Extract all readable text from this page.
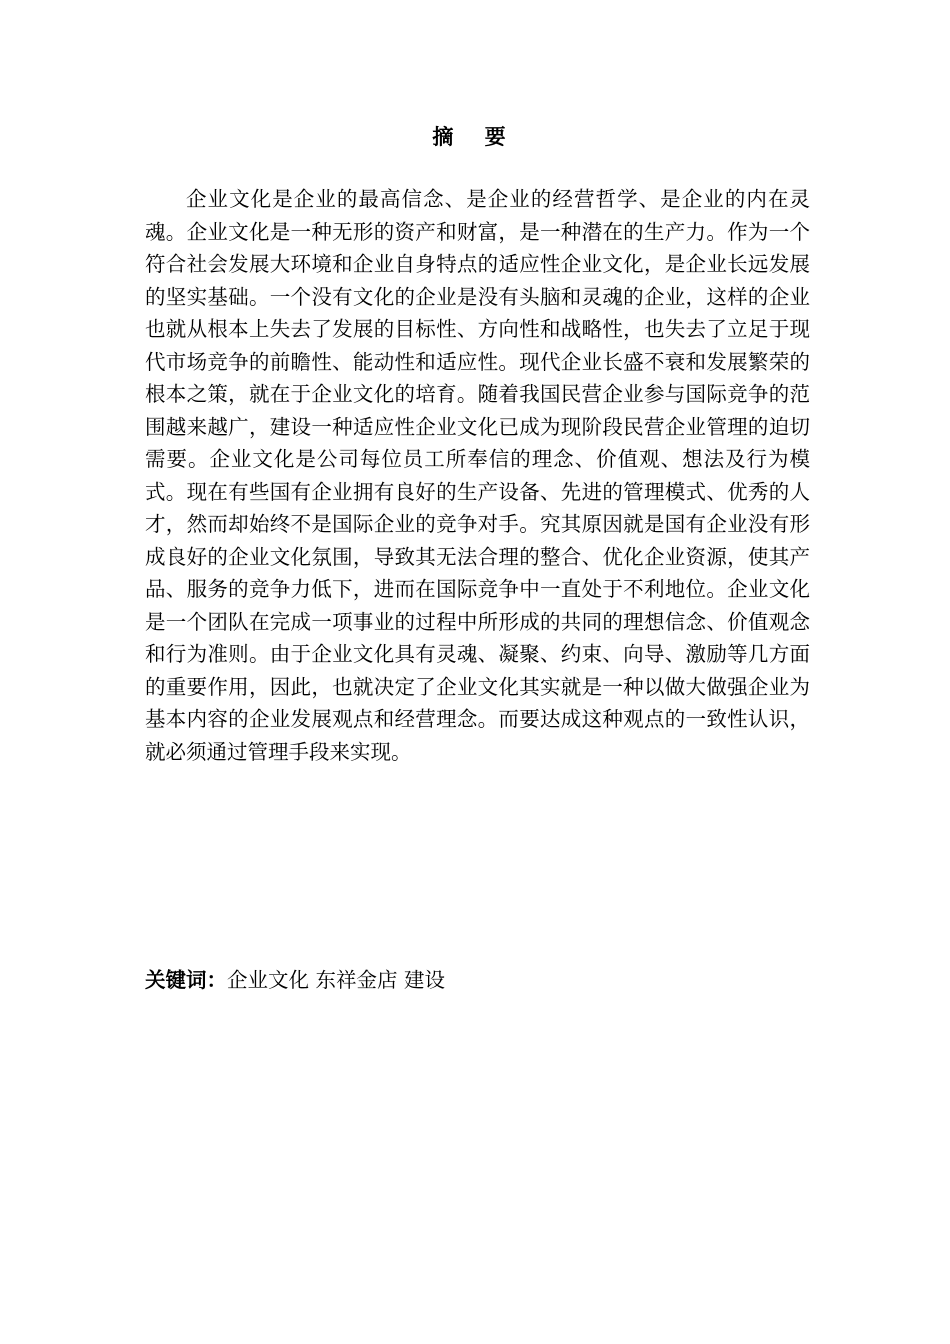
摘 要

企业文化是企业的最高信念、是企业的经营哲学、是企业的内在灵魂。企业文化是一种无形的资产和财富，是一种潜在的生产力。作为一个符合社会发展大环境和企业自身特点的适应性企业文化，是企业长远发展的坚实基础。一个没有文化的企业是没有头脑和灵魂的企业，这样的企业也就从根本上失去了发展的目标性、方向性和战略性，也失去了立足于现代市场竞争的前瞻性、能动性和适应性。现代企业长盛不衰和发展繁荣的根本之策，就在于企业文化的培育。随着我国民营企业参与国际竞争的范围越来越广，建设一种适应性企业文化已成为现阶段民营企业管理的迫切需要。企业文化是公司每位员工所奉信的理念、价值观、想法及行为模式。现在有些国有企业拥有良好的生产设备、先进的管理模式、优秀的人才，然而却始终不是国际企业的竞争对手。究其原因就是国有企业没有形成良好的企业文化氛围，导致其无法合理的整合、优化企业资源，使其产品、服务的竞争力低下，进而在国际竞争中一直处于不利地位。企业文化是一个团队在完成一项事业的过程中所形成的共同的理想信念、价值观念和行为准则。由于企业文化具有灵魂、凝聚、约束、向导、激励等几方面的重要作用，因此，也就决定了企业文化其实就是一种以做大做强企业为基本内容的企业发展观点和经营理念。而要达成这种观点的一致性认识，就必须通过管理手段来实现。

关键词：企业文化 东祥金店 建设
